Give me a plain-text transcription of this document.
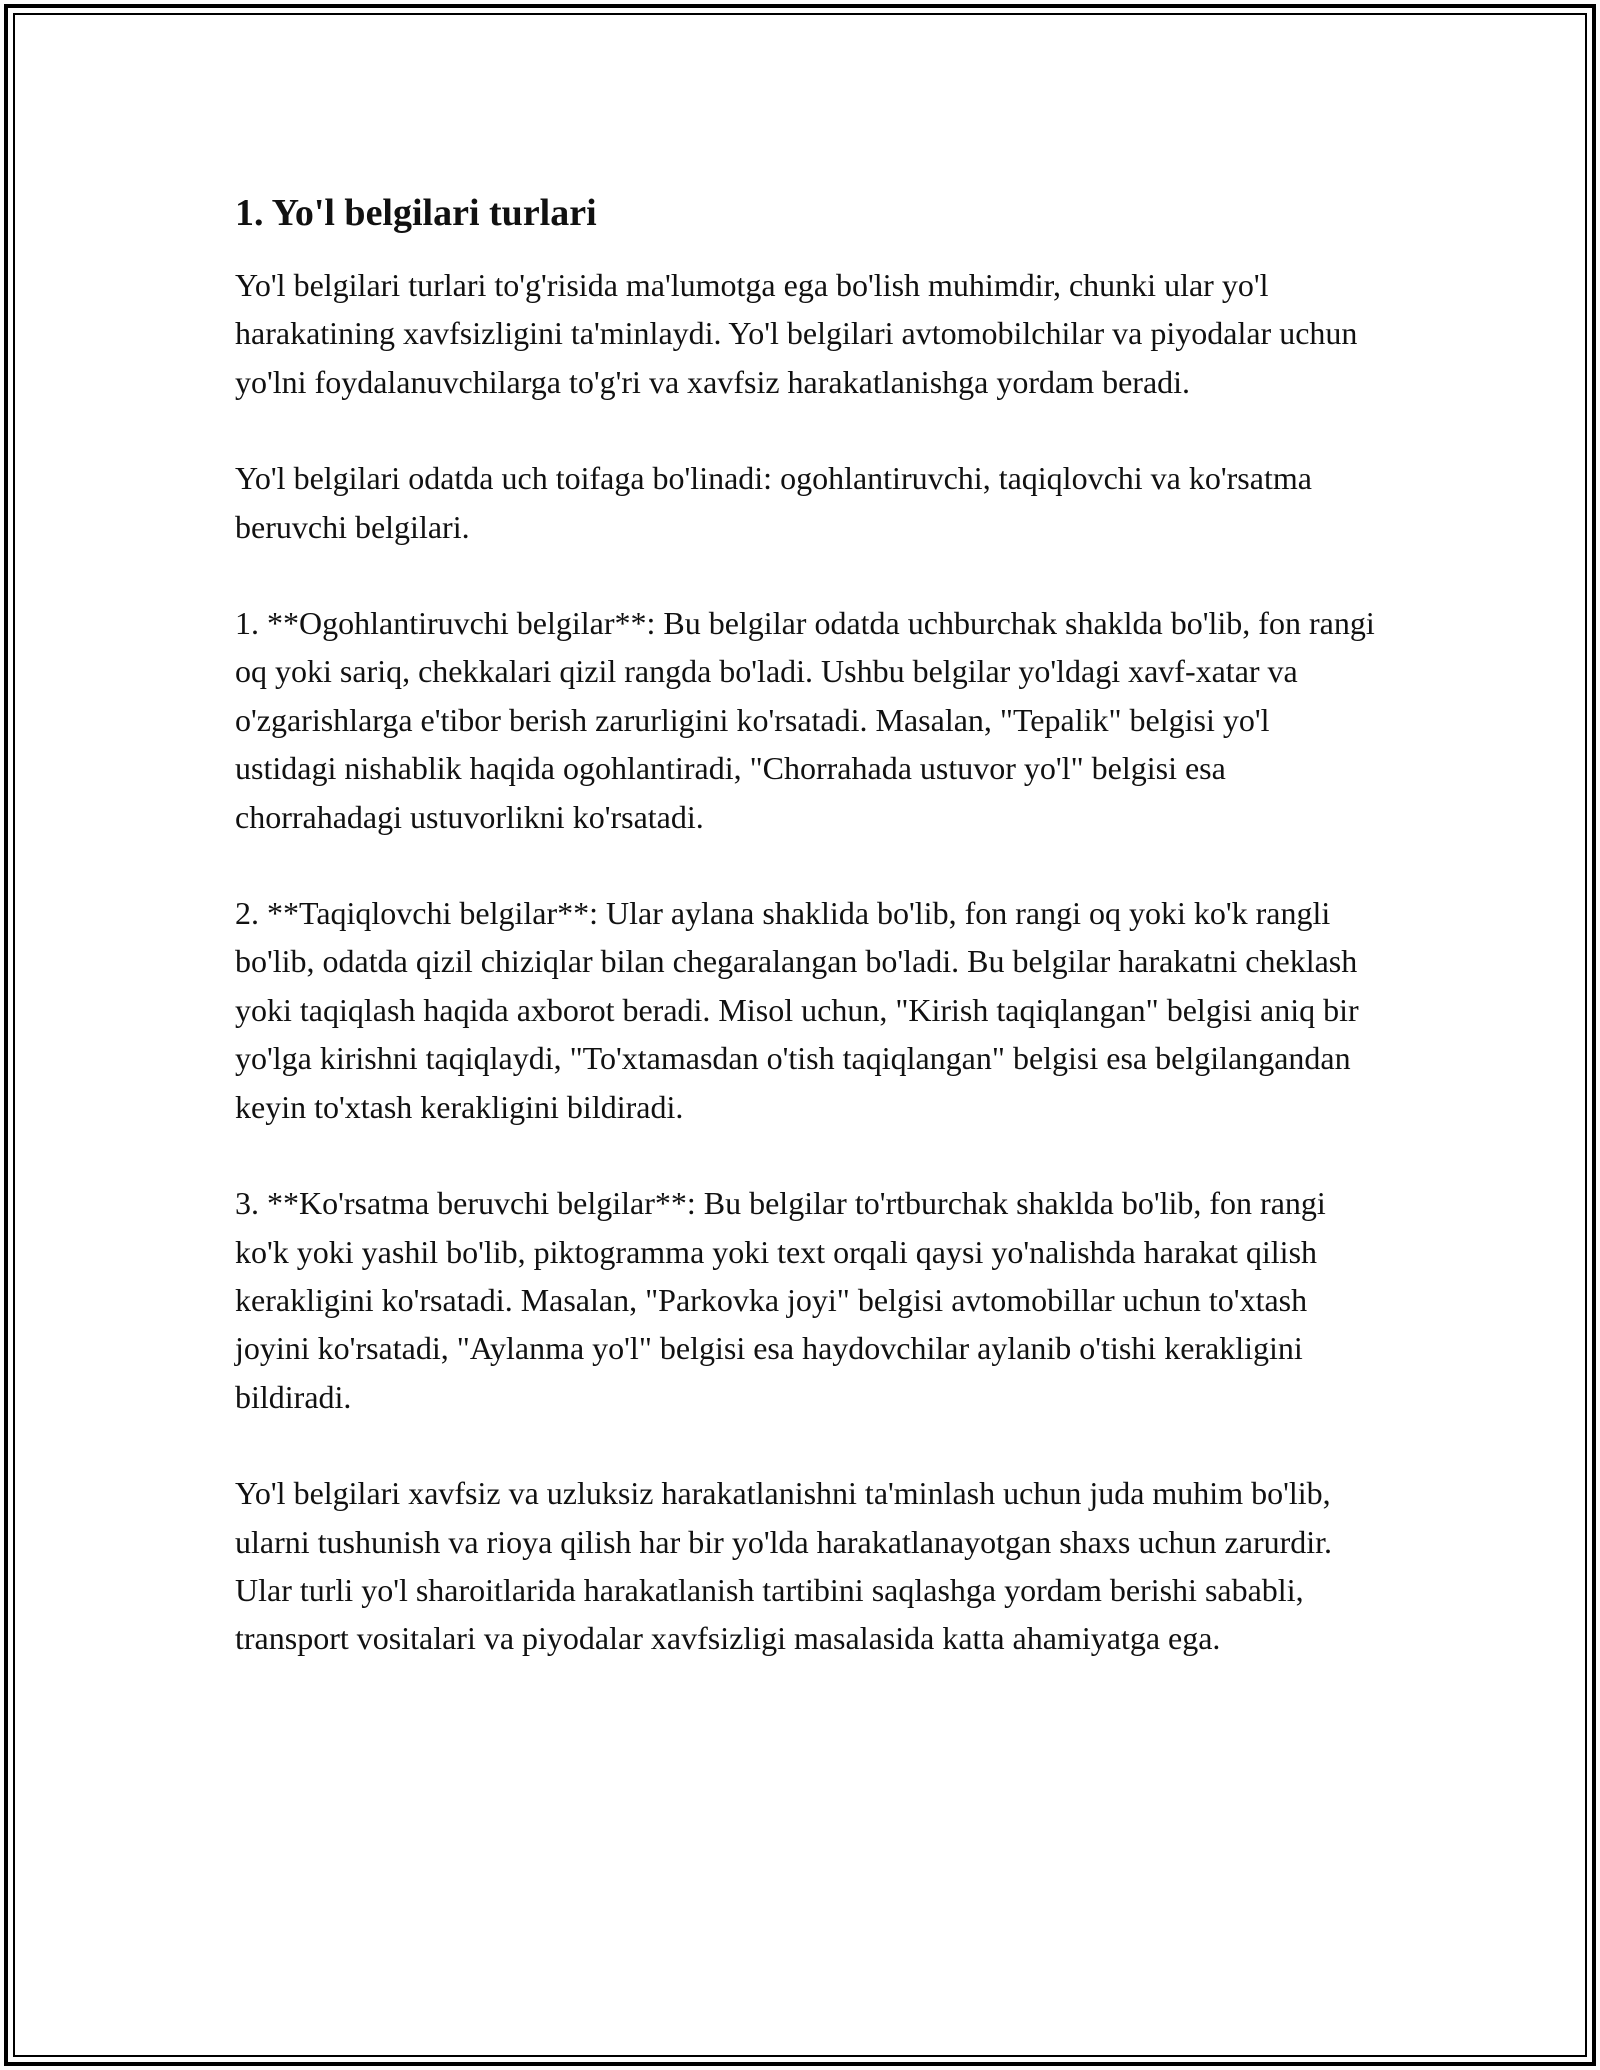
1. Yo'l belgilari turlari

Yo'l belgilari turlari to'g'risida ma'lumotga ega bo'lish muhimdir, chunki ular yo'l harakatining xavfsizligini ta'minlaydi. Yo'l belgilari avtomobilchilar va piyodalar uchun yo'lni foydalanuvchilarga to'g'ri va xavfsiz harakatlanishga yordam beradi.

Yo'l belgilari odatda uch toifaga bo'linadi: ogohlantiruvchi, taqiqlovchi va ko'rsatma beruvchi belgilari.

1. **Ogohlantiruvchi belgilar**: Bu belgilar odatda uchburchak shaklda bo'lib, fon rangi oq yoki sariq, chekkalari qizil rangda bo'ladi. Ushbu belgilar yo'ldagi xavf-xatar va o'zgarishlarga e'tibor berish zarurligini ko'rsatadi. Masalan, "Tepalik" belgisi yo'l ustidagi nishablik haqida ogohlantiradi, "Chorrahada ustuvor yo'l" belgisi esa chorrahadagi ustuvorlikni ko'rsatadi.

2. **Taqiqlovchi belgilar**: Ular aylana shaklida bo'lib, fon rangi oq yoki ko'k rangli bo'lib, odatda qizil chiziqlar bilan chegaralangan bo'ladi. Bu belgilar harakatni cheklash yoki taqiqlash haqida axborot beradi. Misol uchun, "Kirish taqiqlangan" belgisi aniq bir yo'lga kirishni taqiqlaydi, "To'xtamasdan o'tish taqiqlangan" belgisi esa belgilangandan keyin to'xtash kerakligini bildiradi.

3. **Ko'rsatma beruvchi belgilar**: Bu belgilar to'rtburchak shaklda bo'lib, fon rangi ko'k yoki yashil bo'lib, piktogramma yoki text orqali qaysi yo'nalishda harakat qilish kerakligini ko'rsatadi. Masalan, "Parkovka joyi" belgisi avtomobillar uchun to'xtash joyini ko'rsatadi, "Aylanma yo'l" belgisi esa haydovchilar aylanib o'tishi kerakligini bildiradi.

Yo'l belgilari xavfsiz va uzluksiz harakatlanishni ta'minlash uchun juda muhim bo'lib, ularni tushunish va rioya qilish har bir yo'lda harakatlanayotgan shaxs uchun zarurdir. Ular turli yo'l sharoitlarida harakatlanish tartibini saqlashga yordam berishi sababli, transport vositalari va piyodalar xavfsizligi masalasida katta ahamiyatga ega.
